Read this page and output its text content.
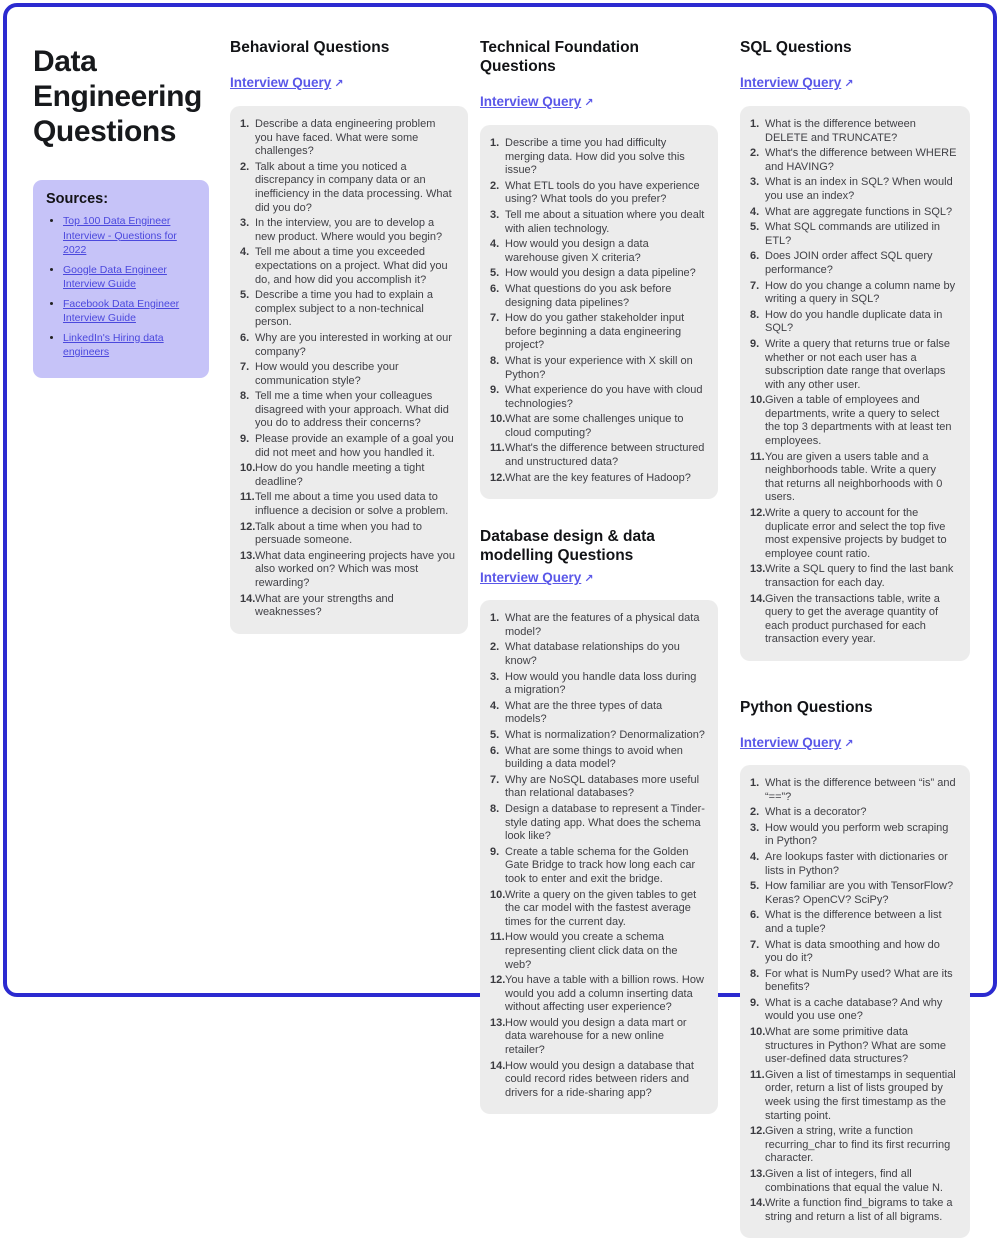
Data Engineering Questions
Sources:
• Top 100 Data Engineer Interview - Questions for 2022
• Google Data Engineer Interview Guide
• Facebook Data Engineer Interview Guide
• LinkedIn's Hiring data engineers
Behavioral Questions
Interview Query ↗
Describe a data engineering problem you have faced. What were some challenges?
Talk about a time you noticed a discrepancy in company data or an inefficiency in the data processing. What did you do?
In the interview, you are to develop a new product. Where would you begin?
Tell me about a time you exceeded expectations on a project. What did you do, and how did you accomplish it?
Describe a time you had to explain a complex subject to a non-technical person.
Why are you interested in working at our company?
How would you describe your communication style?
Tell me a time when your colleagues disagreed with your approach. What did you do to address their concerns?
Please provide an example of a goal you did not meet and how you handled it.
How do you handle meeting a tight deadline?
Tell me about a time you used data to influence a decision or solve a problem.
Talk about a time when you had to persuade someone.
What data engineering projects have you also worked on? Which was most rewarding?
What are your strengths and weaknesses?
Technical Foundation Questions
Interview Query ↗
Describe a time you had difficulty merging data. How did you solve this issue?
What ETL tools do you have experience using? What tools do you prefer?
Tell me about a situation where you dealt with alien technology.
How would you design a data warehouse given X criteria?
How would you design a data pipeline?
What questions do you ask before designing data pipelines?
How do you gather stakeholder input before beginning a data engineering project?
What is your experience with X skill on Python?
What experience do you have with cloud technologies?
What are some challenges unique to cloud computing?
What's the difference between structured and unstructured data?
What are the key features of Hadoop?
Database design & data modelling Questions
Interview Query ↗
What are the features of a physical data model?
What database relationships do you know?
How would you handle data loss during a migration?
What are the three types of data models?
What is normalization? Denormalization?
What are some things to avoid when building a data model?
Why are NoSQL databases more useful than relational databases?
Design a database to represent a Tinder-style dating app. What does the schema look like?
Create a table schema for the Golden Gate Bridge to track how long each car took to enter and exit the bridge.
Write a query on the given tables to get the car model with the fastest average times for the current day.
How would you create a schema representing client click data on the web?
You have a table with a billion rows. How would you add a column inserting data without affecting user experience?
How would you design a data mart or data warehouse for a new online retailer?
How would you design a database that could record rides between riders and drivers for a ride-sharing app?
SQL Questions
Interview Query ↗
What is the difference between DELETE and TRUNCATE?
What's the difference between WHERE and HAVING?
What is an index in SQL? When would you use an index?
What are aggregate functions in SQL?
What SQL commands are utilized in ETL?
Does JOIN order affect SQL query performance?
How do you change a column name by writing a query in SQL?
How do you handle duplicate data in SQL?
Write a query that returns true or false whether or not each user has a subscription date range that overlaps with any other user.
Given a table of employees and departments, write a query to select the top 3 departments with at least ten employees.
You are given a users table and a neighborhoods table. Write a query that returns all neighborhoods with 0 users.
Write a query to account for the duplicate error and select the top five most expensive projects by budget to employee count ratio.
Write a SQL query to find the last bank transaction for each day.
Given the transactions table, write a query to get the average quantity of each product purchased for each transaction every year.
Python Questions
Interview Query ↗
What is the difference between “is” and “==”?
What is a decorator?
How would you perform web scraping in Python?
Are lookups faster with dictionaries or lists in Python?
How familiar are you with TensorFlow? Keras? OpenCV? SciPy?
What is the difference between a list and a tuple?
What is data smoothing and how do you do it?
For what is NumPy used? What are its benefits?
What is a cache database? And why would you use one?
What are some primitive data structures in Python? What are some user-defined data structures?
Given a list of timestamps in sequential order, return a list of lists grouped by week using the first timestamp as the starting point.
Given a string, write a function recurring_char to find its first recurring character.
Given a list of integers, find all combinations that equal the value N.
Write a function find_bigrams to take a string and return a list of all bigrams.
